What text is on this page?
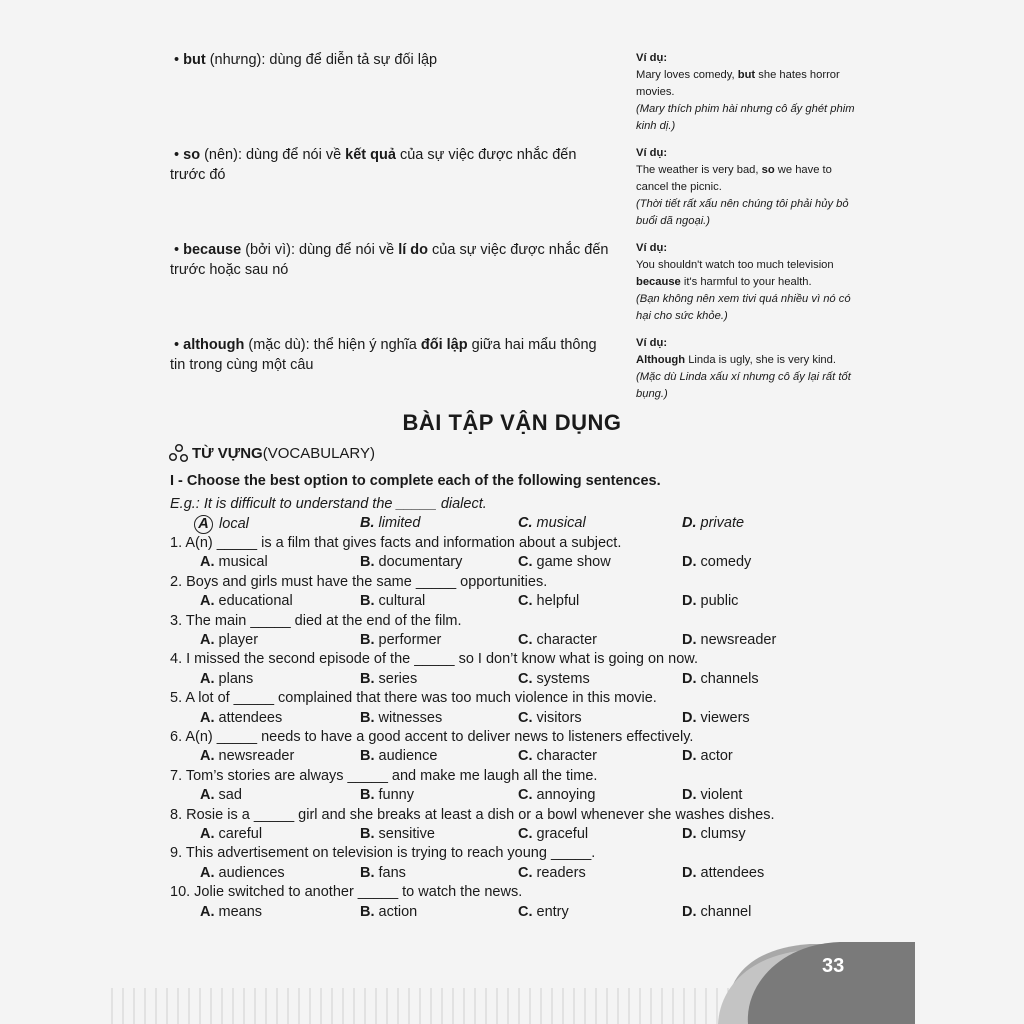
• but (nhưng): dùng để diễn tả sự đối lập	Ví dụ:
Mary loves comedy, but she hates horror movies.
(Mary thích phim hài nhưng cô ấy ghét phim kinh dị.)
• so (nên): dùng để nói về kết quả của sự việc được nhắc đến trước đó
Ví dụ:
The weather is very bad, so we have to cancel the picnic.
(Thời tiết rất xấu nên chúng tôi phải hủy bỏ buổi dã ngoại.)
• because (bởi vì): dùng để nói về lí do của sự việc được nhắc đến trước hoặc sau nó
Ví dụ:
You shouldn't watch too much television because it's harmful to your health.
(Bạn không nên xem tivi quá nhiều vì nó có hại cho sức khỏe.)
• although (mặc dù): thể hiện ý nghĩa đối lập giữa hai mẩu thông tin trong cùng một câu
Ví dụ:
Although Linda is ugly, she is very kind.
(Mặc dù Linda xấu xí nhưng cô ấy lại rất tốt bụng.)
BÀI TẬP VẬN DỤNG
TỪ VỰNG (VOCABULARY)
I - Choose the best option to complete each of the following sentences.
E.g.: It is difficult to understand the _____ dialect.
A local	B. limited	C. musical	D. private
1. A(n) _____ is a film that gives facts and information about a subject.
A. musical	B. documentary	C. game show	D. comedy
2. Boys and girls must have the same _____ opportunities.
A. educational	B. cultural	C. helpful	D. public
3. The main _____ died at the end of the film.
A. player	B. performer	C. character	D. newsreader
4. I missed the second episode of the _____ so I don’t know what is going on now.
A. plans	B. series	C. systems	D. channels
5. A lot of _____ complained that there was too much violence in this movie.
A. attendees	B. witnesses	C. visitors	D. viewers
6. A(n) _____ needs to have a good accent to deliver news to listeners effectively.
A. newsreader	B. audience	C. character	D. actor
7. Tom’s stories are always _____ and make me laugh all the time.
A. sad	B. funny	C. annoying	D. violent
8. Rosie is a _____ girl and she breaks at least a dish or a bowl whenever she washes dishes.
A. careful	B. sensitive	C. graceful	D. clumsy
9. This advertisement on television is trying to reach young _____.
A. audiences	B. fans	C. readers	D. attendees
10. Jolie switched to another _____ to watch the news.
A. means	B. action	C. entry	D. channel
33
